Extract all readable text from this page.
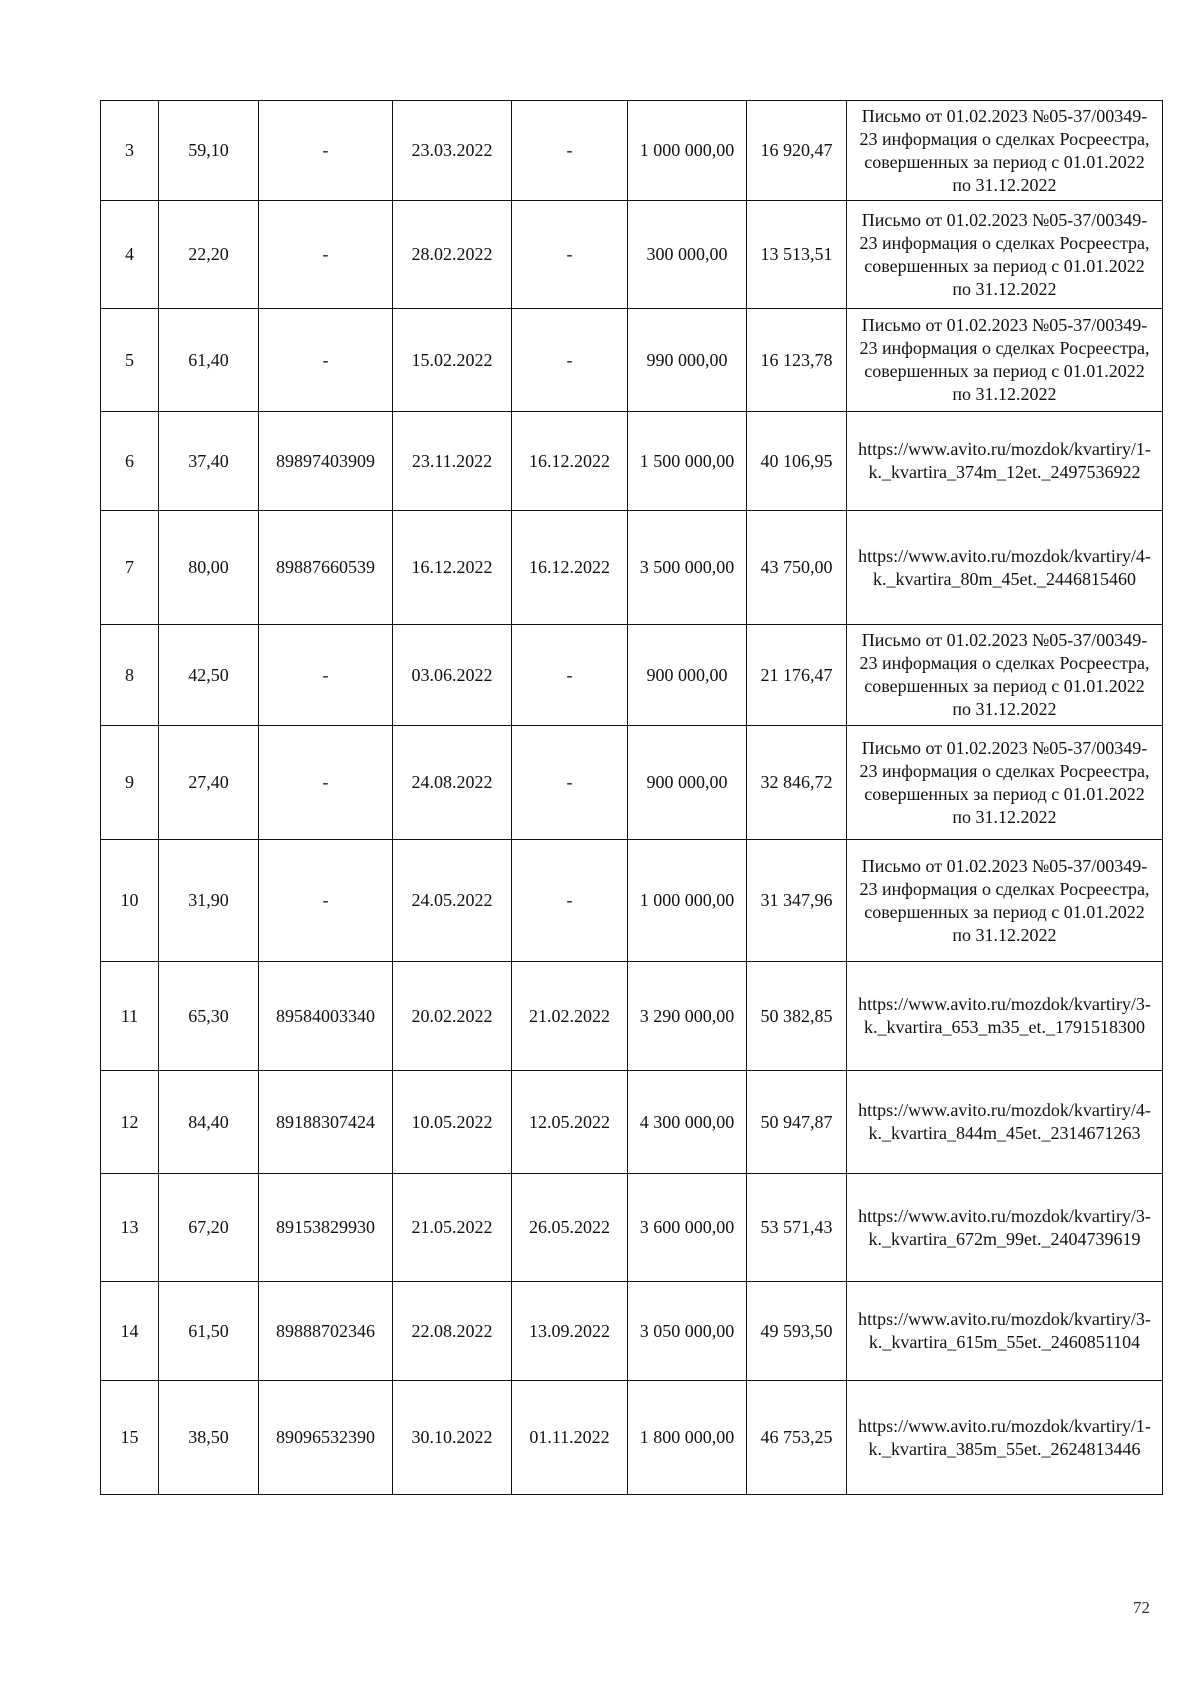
3	59,10	-	23.03.2022	-	1 000 000,00	16 920,47	Письмо от 01.02.2023 №05-37/00349-23 информация о сделках Росреестра, совершенных за период с 01.01.2022 по 31.12.2022
4	22,20	-	28.02.2022	-	300 000,00	13 513,51	Письмо от 01.02.2023 №05-37/00349-23 информация о сделках Росреестра, совершенных за период с 01.01.2022 по 31.12.2022
5	61,40	-	15.02.2022	-	990 000,00	16 123,78	Письмо от 01.02.2023 №05-37/00349-23 информация о сделках Росреестра, совершенных за период с 01.01.2022 по 31.12.2022
6	37,40	89897403909	23.11.2022	16.12.2022	1 500 000,00	40 106,95	https://www.avito.ru/mozdok/kvartiry/1-k._kvartira_374m_12et._2497536922
7	80,00	89887660539	16.12.2022	16.12.2022	3 500 000,00	43 750,00	https://www.avito.ru/mozdok/kvartiry/4-k._kvartira_80m_45et._2446815460
8	42,50	-	03.06.2022	-	900 000,00	21 176,47	Письмо от 01.02.2023 №05-37/00349-23 информация о сделках Росреестра, совершенных за период с 01.01.2022 по 31.12.2022
9	27,40	-	24.08.2022	-	900 000,00	32 846,72	Письмо от 01.02.2023 №05-37/00349-23 информация о сделках Росреестра, совершенных за период с 01.01.2022 по 31.12.2022
10	31,90	-	24.05.2022	-	1 000 000,00	31 347,96	Письмо от 01.02.2023 №05-37/00349-23 информация о сделках Росреестра, совершенных за период с 01.01.2022 по 31.12.2022
11	65,30	89584003340	20.02.2022	21.02.2022	3 290 000,00	50 382,85	https://www.avito.ru/mozdok/kvartiry/3-k._kvartira_653_m35_et._1791518300
12	84,40	89188307424	10.05.2022	12.05.2022	4 300 000,00	50 947,87	https://www.avito.ru/mozdok/kvartiry/4-k._kvartira_844m_45et._2314671263
13	67,20	89153829930	21.05.2022	26.05.2022	3 600 000,00	53 571,43	https://www.avito.ru/mozdok/kvartiry/3-k._kvartira_672m_99et._2404739619
14	61,50	89888702346	22.08.2022	13.09.2022	3 050 000,00	49 593,50	https://www.avito.ru/mozdok/kvartiry/3-k._kvartira_615m_55et._2460851104
15	38,50	89096532390	30.10.2022	01.11.2022	1 800 000,00	46 753,25	https://www.avito.ru/mozdok/kvartiry/1-k._kvartira_385m_55et._2624813446
72
